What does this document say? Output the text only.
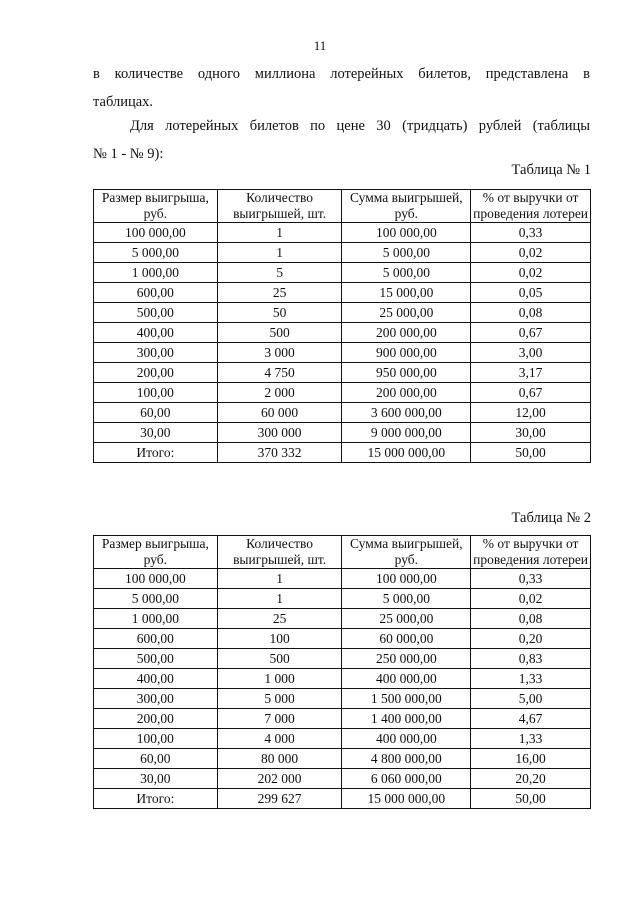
11
в количестве одного миллиона лотерейных билетов, представлена в
таблицах.
Для лотерейных билетов по цене 30 (тридцать) рублей (таблицы
№ 1 - № 9):
Таблица № 1
Размер выигрыша, руб.	Количество выигрышей, шт.	Сумма выигрышей, руб.	% от выручки от проведения лотереи
100 000,00	1	100 000,00	0,33
5 000,00	1	5 000,00	0,02
1 000,00	5	5 000,00	0,02
600,00	25	15 000,00	0,05
500,00	50	25 000,00	0,08
400,00	500	200 000,00	0,67
300,00	3 000	900 000,00	3,00
200,00	4 750	950 000,00	3,17
100,00	2 000	200 000,00	0,67
60,00	60 000	3 600 000,00	12,00
30,00	300 000	9 000 000,00	30,00
Итого:	370 332	15 000 000,00	50,00
Таблица № 2
Размер выигрыша, руб.	Количество выигрышей, шт.	Сумма выигрышей, руб.	% от выручки от проведения лотереи
100 000,00	1	100 000,00	0,33
5 000,00	1	5 000,00	0,02
1 000,00	25	25 000,00	0,08
600,00	100	60 000,00	0,20
500,00	500	250 000,00	0,83
400,00	1 000	400 000,00	1,33
300,00	5 000	1 500 000,00	5,00
200,00	7 000	1 400 000,00	4,67
100,00	4 000	400 000,00	1,33
60,00	80 000	4 800 000,00	16,00
30,00	202 000	6 060 000,00	20,20
Итого:	299 627	15 000 000,00	50,00
